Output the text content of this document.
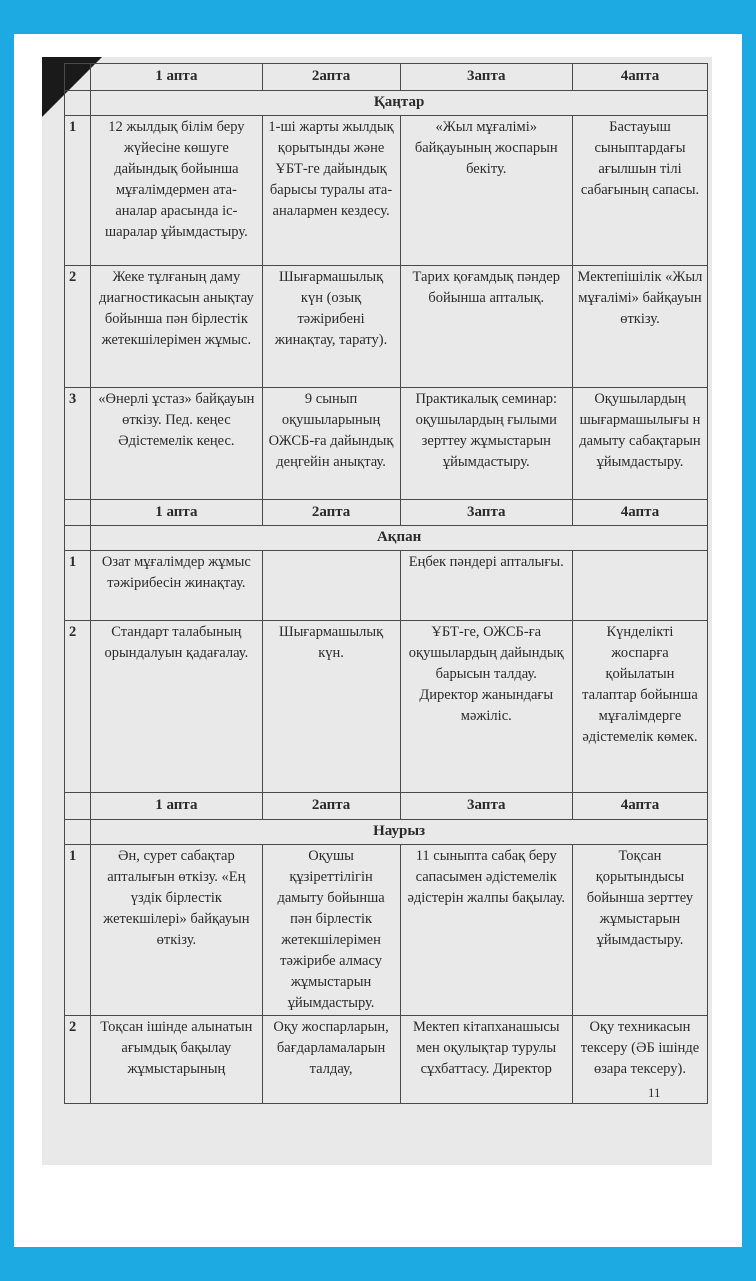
	1 апта	2апта	3апта	4апта
	Қаңтар			
1	12 жылдық білім беру жүйесіне көшуге дайындық бойынша мұғалімдермен ата-аналар арасында іс-шаралар ұйымдастыру.	1-ші жарты жылдық қорытынды және ҰБТ-ге дайындық барысы туралы ата-аналармен кездесу.	«Жыл мұғалімі» байқауының жоспарын бекіту.	Бастауыш сыныптардағы ағылшын тілі сабағының сапасы.
2	Жеке тұлғаның даму диагностикасын анықтау бойынша пән бірлестік жетекшілерімен жұмыс.	Шығармашылық күн (озық тәжірибені жинақтау, тарату).	Тарих қоғамдық пәндер бойынша апталық.	Мектепішілік «Жыл мұғалімі» байқауын өткізу.
3	«Өнерлі ұстаз» байқауын өткізу. Пед. кеңес Әдістемелік кеңес.	9 сынып оқушыларының ОЖСБ-ға дайындық деңгейін анықтау.	Практикалық семинар: оқушылардың ғылыми зерттеу жұмыстарын ұйымдастыру.	Оқушылардың шығармашылығы н дамыту сабақтарын ұйымдастыру.
	1 апта	2апта	3апта	4апта
	Ақпан			
1	Озат мұғалімдер жұмыс тәжірибесін жинақтау.		Еңбек пәндері апталығы.	
2	Стандарт талабының орындалуын қадағалау.	Шығармашылық күн.	ҰБТ-ге, ОЖСБ-ға оқушылардың дайындық барысын талдау. Директор жанындағы мәжіліс.	Күнделікті жоспарға қойылатын талаптар бойынша мұғалімдерге әдістемелік көмек.
	1 апта	2апта	3апта	4апта
	Наурыз			
1	Ән, сурет сабақтар апталығын өткізу. «Ең үздік бірлестік жетекшілері» байқауын өткізу.	Оқушы құзіреттілігін дамыту бойынша пән бірлестік жетекшілерімен тәжірибе алмасу жұмыстарын ұйымдастыру.	11 сыныпта сабақ беру сапасымен әдістемелік әдістерін жалпы бақылау.	Тоқсан қорытындысы бойынша зерттеу жұмыстарын ұйымдастыру.
2	Тоқсан ішінде алынатын ағымдық бақылау жұмыстарының	Оқу жоспарларын, бағдарламаларын талдау,	Мектеп кітапханашысы мен оқулықтар турулы сұхбаттасу. Директор	Оқу техникасын тексеру (ӘБ ішінде өзара тексеру).
11
